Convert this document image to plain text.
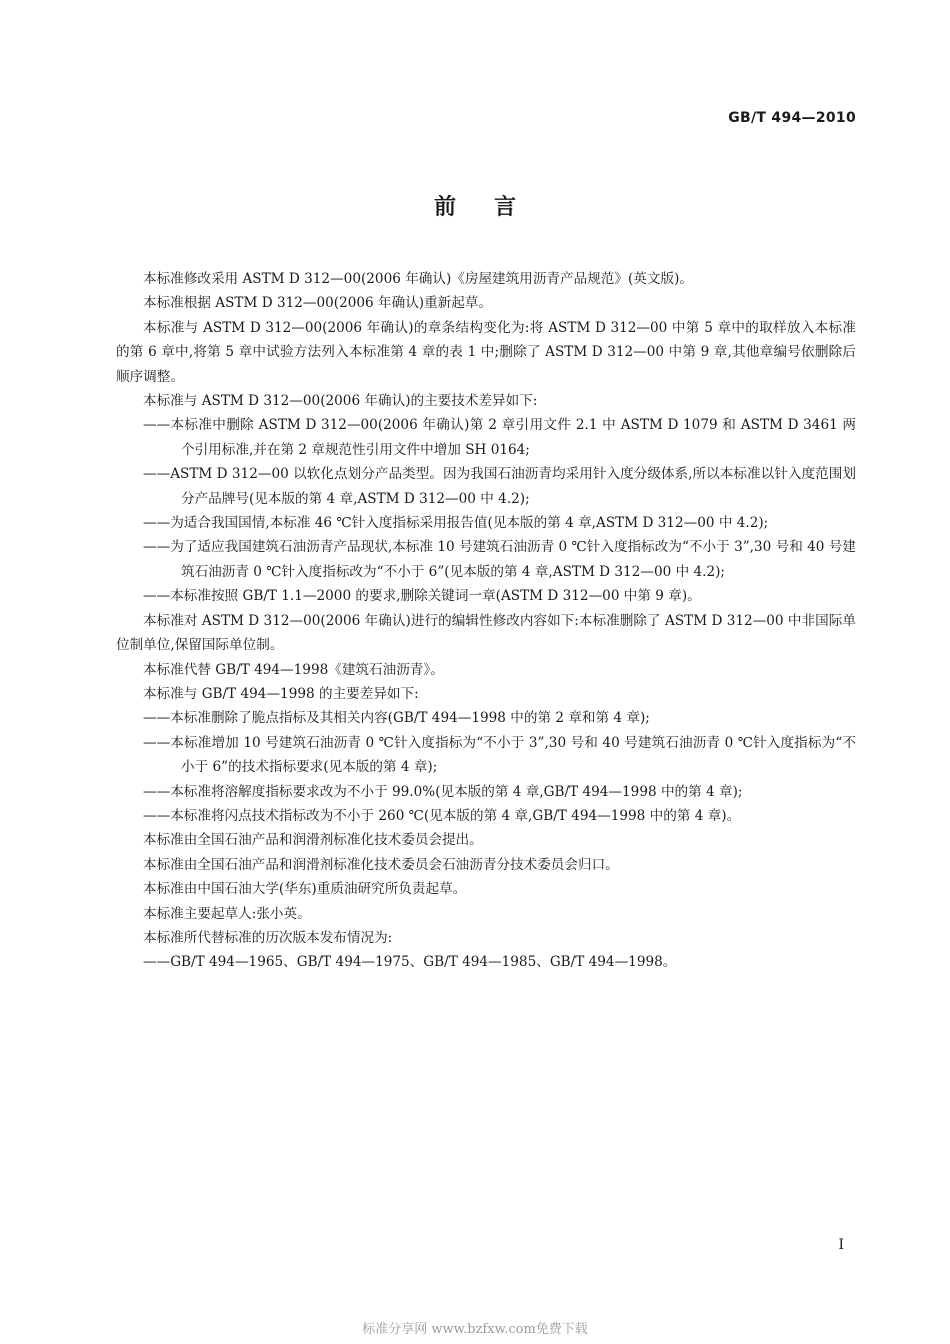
GB/T 494—2010
前言

本标准修改采用 ASTM D 312—00(2006 年确认)《房屋建筑用沥青产品规范》(英文版)。

本标准根据 ASTM D 312—00(2006 年确认)重新起草。

本标准与 ASTM D 312—00(2006 年确认)的章条结构变化为:将 ASTM D 312—00 中第 5 章中的取样放入本标准的第 6 章中,将第 5 章中试验方法列入本标准第 4 章的表 1 中;删除了 ASTM D 312—00 中第 9 章,其他章编号依删除后顺序调整。

本标准与 ASTM D 312—00(2006 年确认)的主要技术差异如下:

——本标准中删除 ASTM D 312—00(2006 年确认)第 2 章引用文件 2.1 中 ASTM D 1079 和 ASTM D 3461 两个引用标准,并在第 2 章规范性引用文件中增加 SH 0164;

——ASTM D 312—00 以软化点划分产品类型。因为我国石油沥青均采用针入度分级体系,所以本标准以针入度范围划分产品牌号(见本版的第 4 章,ASTM D 312—00 中 4.2);

——为适合我国国情,本标准 46 ℃针入度指标采用报告值(见本版的第 4 章,ASTM D 312—00 中 4.2);

——为了适应我国建筑石油沥青产品现状,本标准 10 号建筑石油沥青 0 ℃针入度指标改为“不小于 3”,30 号和 40 号建筑石油沥青 0 ℃针入度指标改为“不小于 6”(见本版的第 4 章,ASTM D 312—00 中 4.2);

——本标准按照 GB/T 1.1—2000 的要求,删除关键词一章(ASTM D 312—00 中第 9 章)。

本标准对 ASTM D 312—00(2006 年确认)进行的编辑性修改内容如下:本标准删除了 ASTM D 312—00 中非国际单位制单位,保留国际单位制。

本标准代替 GB/T 494—1998《建筑石油沥青》。

本标准与 GB/T 494—1998 的主要差异如下:

——本标准删除了脆点指标及其相关内容(GB/T 494—1998 中的第 2 章和第 4 章);

——本标准增加 10 号建筑石油沥青 0 ℃针入度指标为“不小于 3”,30 号和 40 号建筑石油沥青 0 ℃针入度指标为“不小于 6”的技术指标要求(见本版的第 4 章);

——本标准将溶解度指标要求改为不小于 99.0%(见本版的第 4 章,GB/T 494—1998 中的第 4 章);

——本标准将闪点技术指标改为不小于 260 ℃(见本版的第 4 章,GB/T 494—1998 中的第 4 章)。

本标准由全国石油产品和润滑剂标准化技术委员会提出。

本标准由全国石油产品和润滑剂标准化技术委员会石油沥青分技术委员会归口。

本标准由中国石油大学(华东)重质油研究所负责起草。

本标准主要起草人:张小英。

本标准所代替标准的历次版本发布情况为:

——GB/T 494—1965、GB/T 494—1975、GB/T 494—1985、GB/T 494—1998。

I
标准分享网 www.bzfxw.com免费下载
